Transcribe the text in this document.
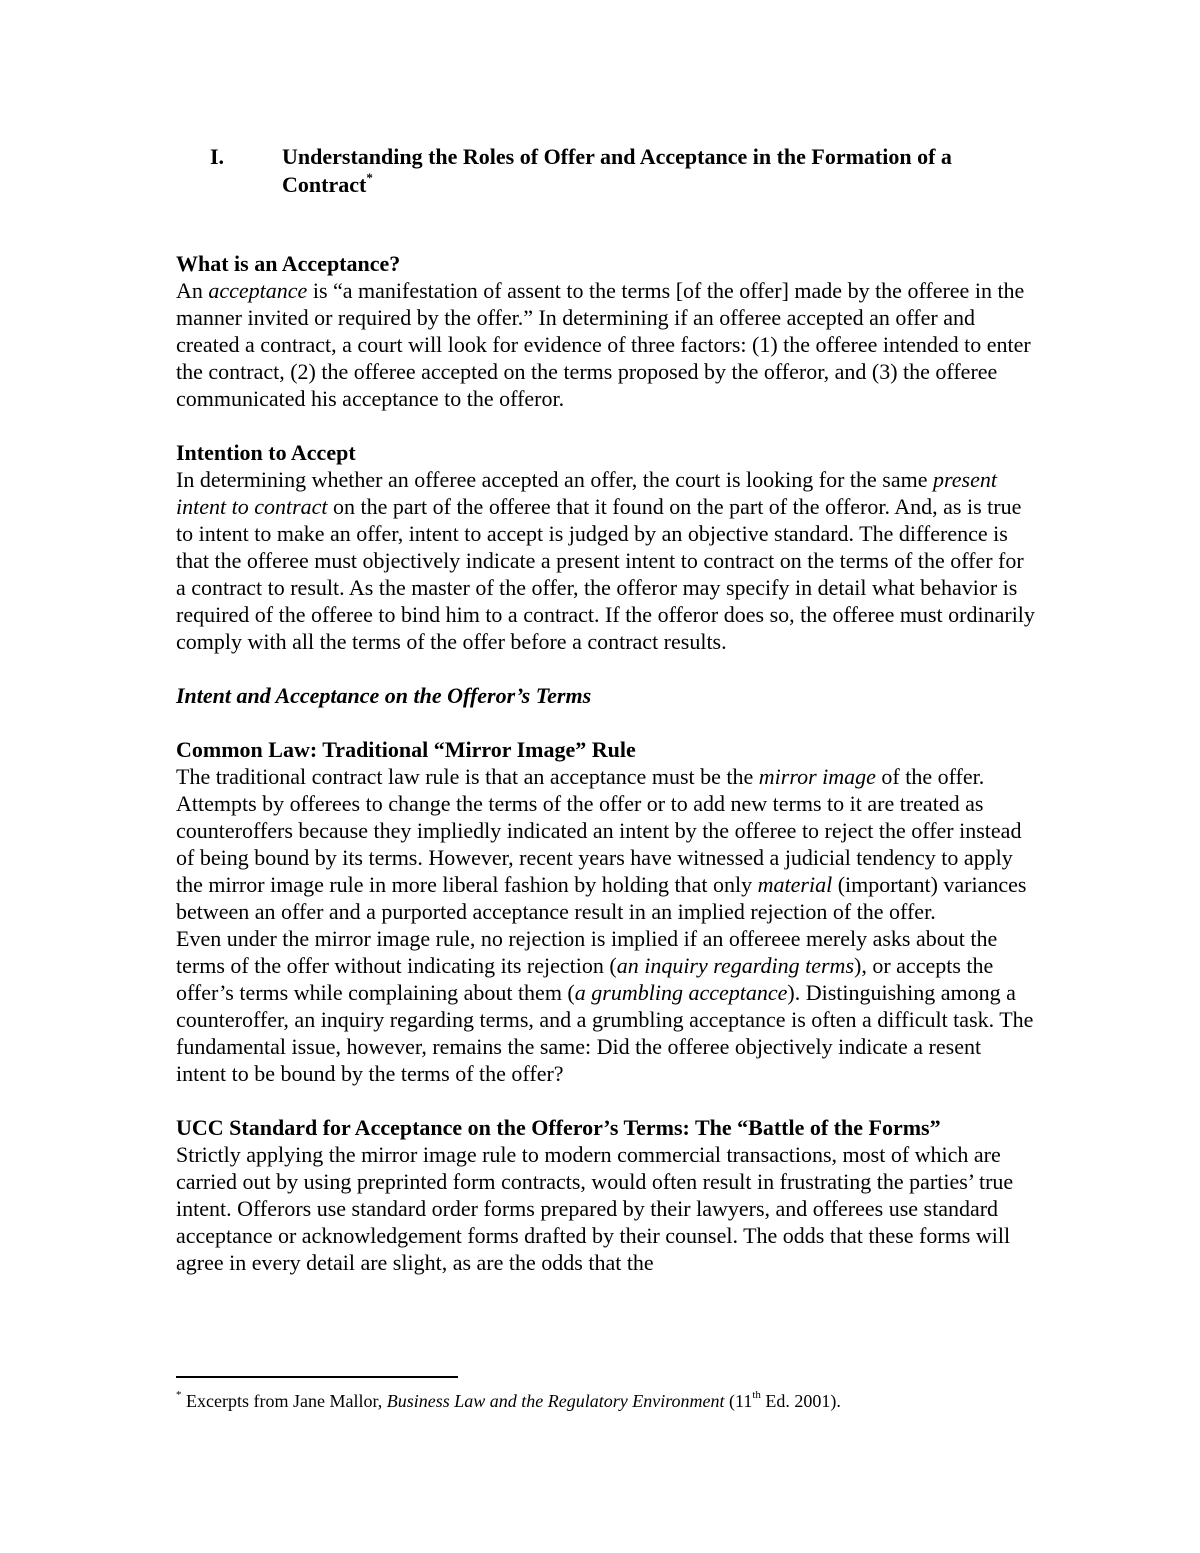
I.	Understanding the Roles of Offer and Acceptance in the Formation of a Contract*

What is an Acceptance?

An acceptance is “a manifestation of assent to the terms [of the offer] made by the offeree in the manner invited or required by the offer.” In determining if an offeree accepted an offer and created a contract, a court will look for evidence of three factors: (1) the offeree intended to enter the contract, (2) the offeree accepted on the terms proposed by the offeror, and (3) the offeree communicated his acceptance to the offeror.

Intention to Accept

In determining whether an offeree accepted an offer, the court is looking for the same present intent to contract on the part of the offeree that it found on the part of the offeror. And, as is true to intent to make an offer, intent to accept is judged by an objective standard. The difference is that the offeree must objectively indicate a present intent to contract on the terms of the offer for a contract to result. As the master of the offer, the offeror may specify in detail what behavior is required of the offeree to bind him to a contract. If the offeror does so, the offeree must ordinarily comply with all the terms of the offer before a contract results.

Intent and Acceptance on the Offeror’s Terms

Common Law: Traditional “Mirror Image” Rule

The traditional contract law rule is that an acceptance must be the mirror image of the offer. Attempts by offerees to change the terms of the offer or to add new terms to it are treated as counteroffers because they impliedly indicated an intent by the offeree to reject the offer instead of being bound by its terms. However, recent years have witnessed a judicial tendency to apply the mirror image rule in more liberal fashion by holding that only material (important) variances between an offer and a purported acceptance result in an implied rejection of the offer.

Even under the mirror image rule, no rejection is implied if an offereee merely asks about the terms of the offer without indicating its rejection (an inquiry regarding terms), or accepts the offer’s terms while complaining about them (a grumbling acceptance). Distinguishing among a counteroffer, an inquiry regarding terms, and a grumbling acceptance is often a difficult task. The fundamental issue, however, remains the same: Did the offeree objectively indicate a resent intent to be bound by the terms of the offer?

UCC Standard for Acceptance on the Offeror’s Terms: The “Battle of the Forms”

Strictly applying the mirror image rule to modern commercial transactions, most of which are carried out by using preprinted form contracts, would often result in frustrating the parties’ true intent. Offerors use standard order forms prepared by their lawyers, and offerees use standard acceptance or acknowledgement forms drafted by their counsel. The odds that these forms will agree in every detail are slight, as are the odds that the

* Excerpts from Jane Mallor, Business Law and the Regulatory Environment (11th Ed. 2001).
